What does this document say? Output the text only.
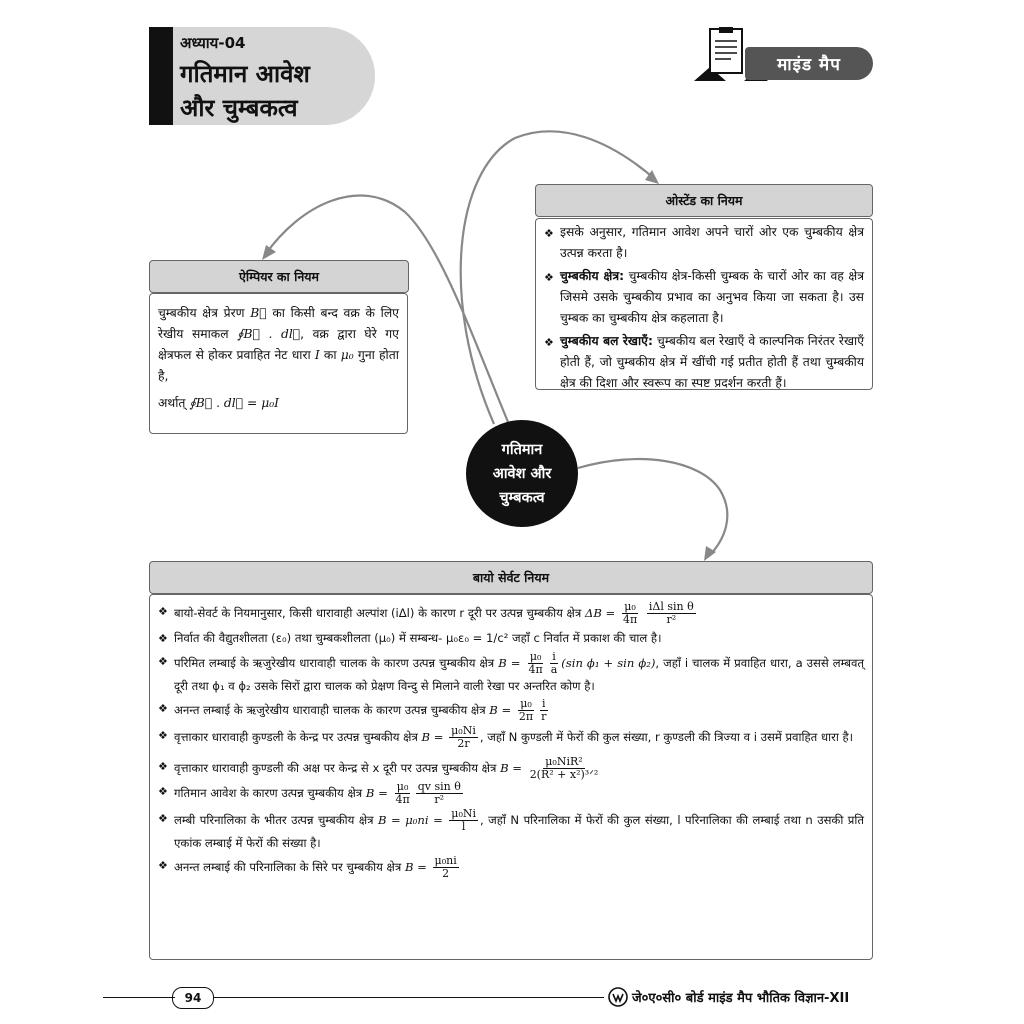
अध्याय-04
गतिमान आवेश
और चुम्बकत्व
माइंड मैप
ऐम्पियर का नियम
चुम्बकीय क्षेत्र प्रेरण B⃗ का किसी बन्द वक्र के लिए रेखीय समाकल ∮B⃗ . dl⃗, वक्र द्वारा घेरे गए क्षेत्रफल से होकर प्रवाहित नेट धारा I का μ₀ गुना होता है,

अर्थात् ∮B⃗ . dl⃗ = μ₀I

ओस्टेंड का नियम
❖ इसके अनुसार, गतिमान आवेश अपने चारों ओर एक चुम्बकीय क्षेत्र उत्पन्न करता है।
❖ चुम्बकीय क्षेत्र: चुम्बकीय क्षेत्र-किसी चुम्बक के चारों ओर का वह क्षेत्र जिसमे उसके चुम्बकीय प्रभाव का अनुभव किया जा सकता है। उस चुम्बक का चुम्बकीय क्षेत्र कहलाता है।
❖ चुम्बकीय बल रेखाएँ: चुम्बकीय बल रेखाएँ वे काल्पनिक निरंतर रेखाएँ होती हैं, जो चुम्बकीय क्षेत्र में खींची गई प्रतीत होती हैं तथा चुम्बकीय क्षेत्र की दिशा और स्वरूप का स्पष्ट प्रदर्शन करती हैं।
गतिमान
आवेश और
चुम्बकत्व
बायो सेर्वट नियम
❖ बायो-सेवर्ट के नियमानुसार, किसी धारावाही अल्पांश (iΔl) के कारण r दूरी पर उत्पन्न चुम्बकीय क्षेत्र $\Delta B = \frac{\text{μ₀}}{4\pi}$
$\frac{\text{iΔl sin θ}}{\text{r²}}$
❖ निर्वात की वैद्युतशीलता (ε₀) तथा चुम्बकशीलता (μ₀) में सम्बन्ध- μ₀ε₀ = 1/c² जहाँ c निर्वात में प्रकाश की चाल है।
❖ परिमित लम्बाई के ऋजुरेखीय धारावाही चालक के कारण उत्पन्न चुम्बकीय क्षेत्र $B = \frac{\text{μ₀}}{4\pi} \frac{i}{a} (\sin$ ϕ₁ + sin ϕ₂), जहाँ i चालक में प्रवाहित धारा, a उससे लम्बवत् दूरी तथा ϕ₁ व ϕ₂ उसके सिरों द्वारा चालक को प्रेक्षण विन्दु से मिलाने वाली रेखा पर अन्तरित कोण है।
❖ अनन्त लम्बाई के ऋजुरेखीय धारावाही चालक के कारण उत्पन्न चुम्बकीय क्षेत्र $B = \frac{\text{μ₀}}{2\pi} \frac{i}{r}$
❖ वृत्ताकार धारावाही कुण्डली के केन्द्र पर उत्पन्न चुम्बकीय क्षेत्र $B = \frac{\text{μ₀Ni}}{2r}$ , जहाँ N कुण्डली में फेरों की कुल संख्या, r कुण्डली की त्रिज्या व i उसमें प्रवाहित धारा है।
❖ वृत्ताकार धारावाही कुण्डली की अक्ष पर केन्द्र से x दूरी पर उत्पन्न चुम्बकीय क्षेत्र $B = \frac{\text{μ₀NiR²}}{\text{2(R² + x²)³ᐟ²}}$
❖ गतिमान आवेश के कारण उत्पन्न चुम्बकीय क्षेत्र $B = \frac{\text{μ₀}}{4\pi} \frac{\text{qv sin θ}}{\text{r²}}$
❖ लम्बी परिनालिका के भीतर उत्पन्न चुम्बकीय क्षेत्र $B = \mu_0ni = \frac{\text{μ₀Ni}}{l}$ , जहाँ N परिनालिका में फेरों की कुल संख्या, l परिनालिका की लम्बाई तथा n उसकी प्रति एकांक लम्बाई में फेरों की संख्या है।
❖ अनन्त लम्बाई की परिनालिका के सिरे पर चुम्बकीय क्षेत्र $B = \frac{\text{μ₀ni}}{2}$
94	जे०ए०सी० बोर्ड माइंड मैप भौतिक विज्ञान-XII
